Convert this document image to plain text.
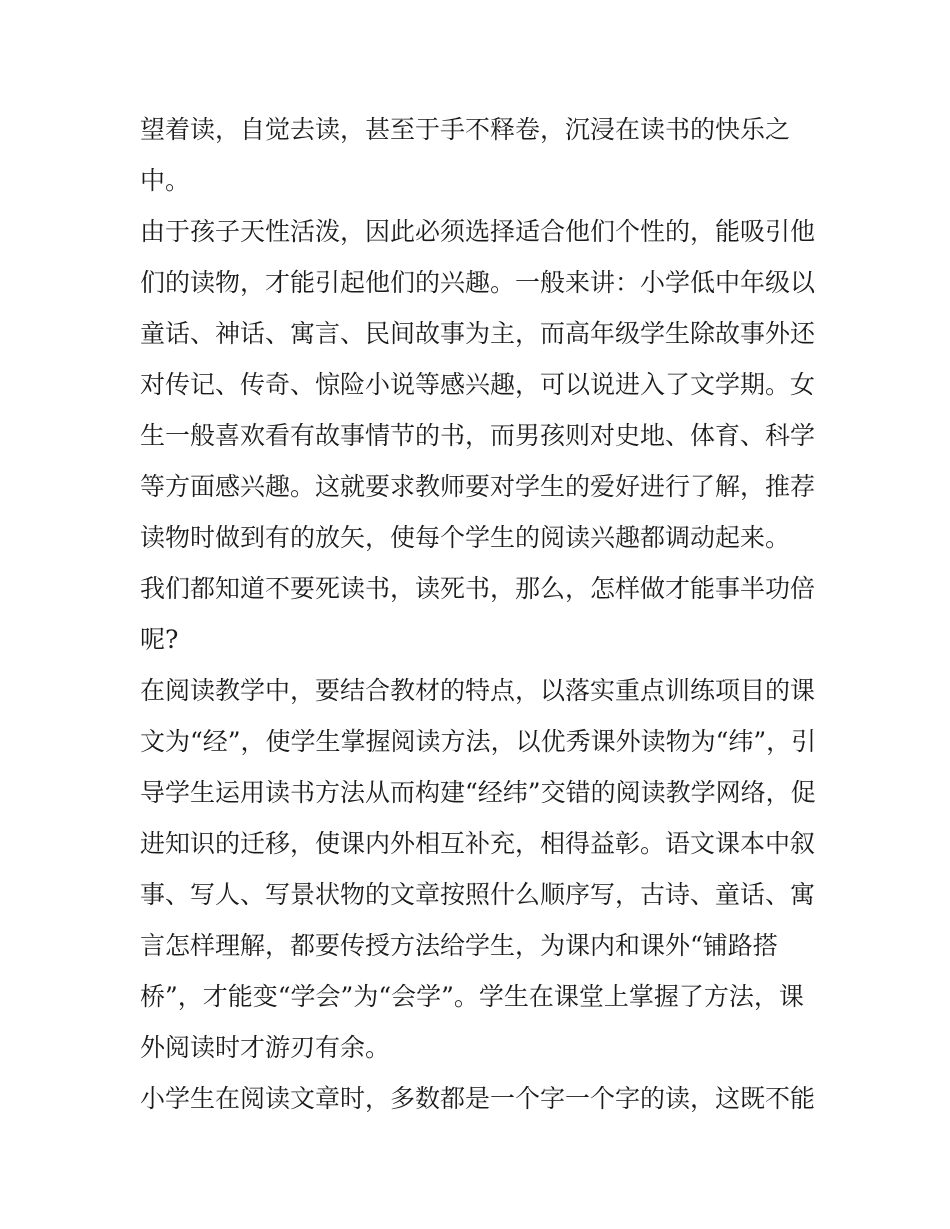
望着读，自觉去读，甚至于手不释卷，沉浸在读书的快乐之
中。
由于孩子天性活泼，因此必须选择适合他们个性的，能吸引他
们的读物，才能引起他们的兴趣。一般来讲：小学低中年级以
童话、神话、寓言、民间故事为主，而高年级学生除故事外还
对传记、传奇、惊险小说等感兴趣，可以说进入了文学期。女
生一般喜欢看有故事情节的书，而男孩则对史地、体育、科学
等方面感兴趣。这就要求教师要对学生的爱好进行了解，推荐
读物时做到有的放矢，使每个学生的阅读兴趣都调动起来。
我们都知道不要死读书，读死书，那么，怎样做才能事半功倍
呢?
在阅读教学中，要结合教材的特点，以落实重点训练项目的课
文为“经”，使学生掌握阅读方法，以优秀课外读物为“纬”，引
导学生运用读书方法从而构建“经纬”交错的阅读教学网络，促
进知识的迁移，使课内外相互补充，相得益彰。语文课本中叙
事、写人、写景状物的文章按照什么顺序写，古诗、童话、寓
言怎样理解，都要传授方法给学生，为课内和课外“铺路搭
桥”，才能变“学会”为“会学”。学生在课堂上掌握了方法，课
外阅读时才游刃有余。
小学生在阅读文章时，多数都是一个字一个字的读，这既不能
